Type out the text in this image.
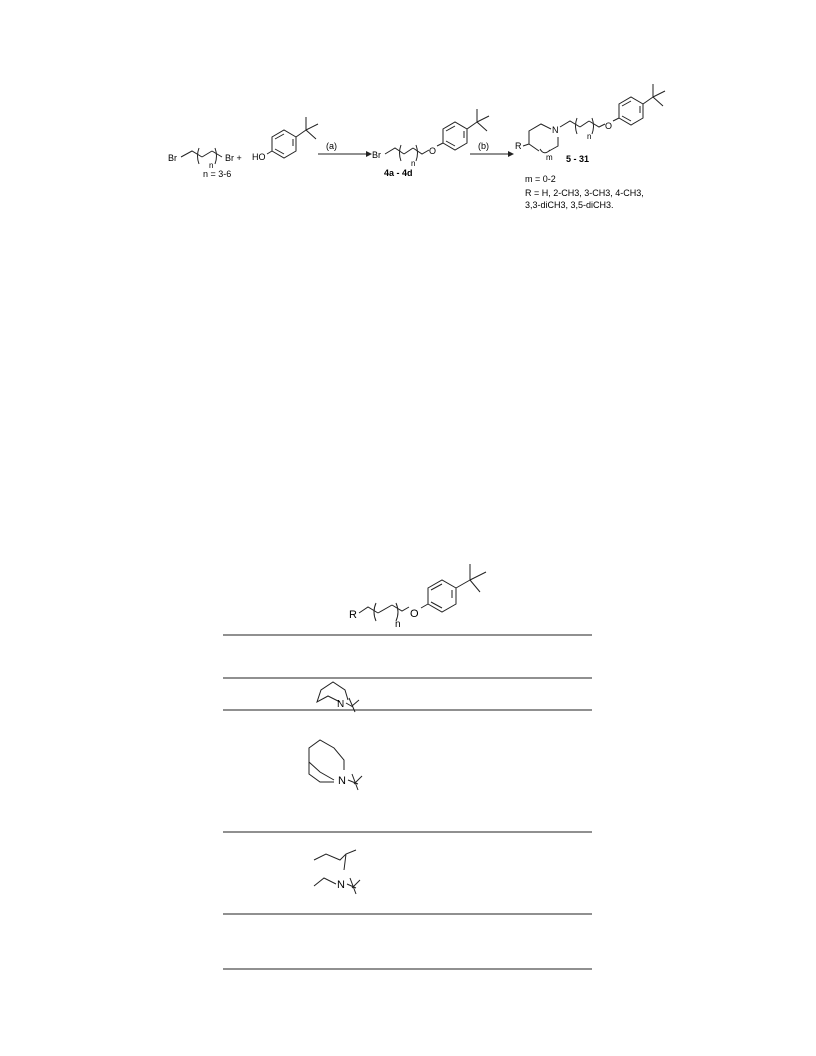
Br
n
Br +
n = 3-6
HO
(a)
Br
n
O
4a - 4d
(b)	R
N
m
n
O
5 - 31
m = 0-2
R = H, 2-CH3, 3-CH3, 4-CH3,
3,3-diCH3, 3,5-diCH3.
R
n
O
N
N
N
